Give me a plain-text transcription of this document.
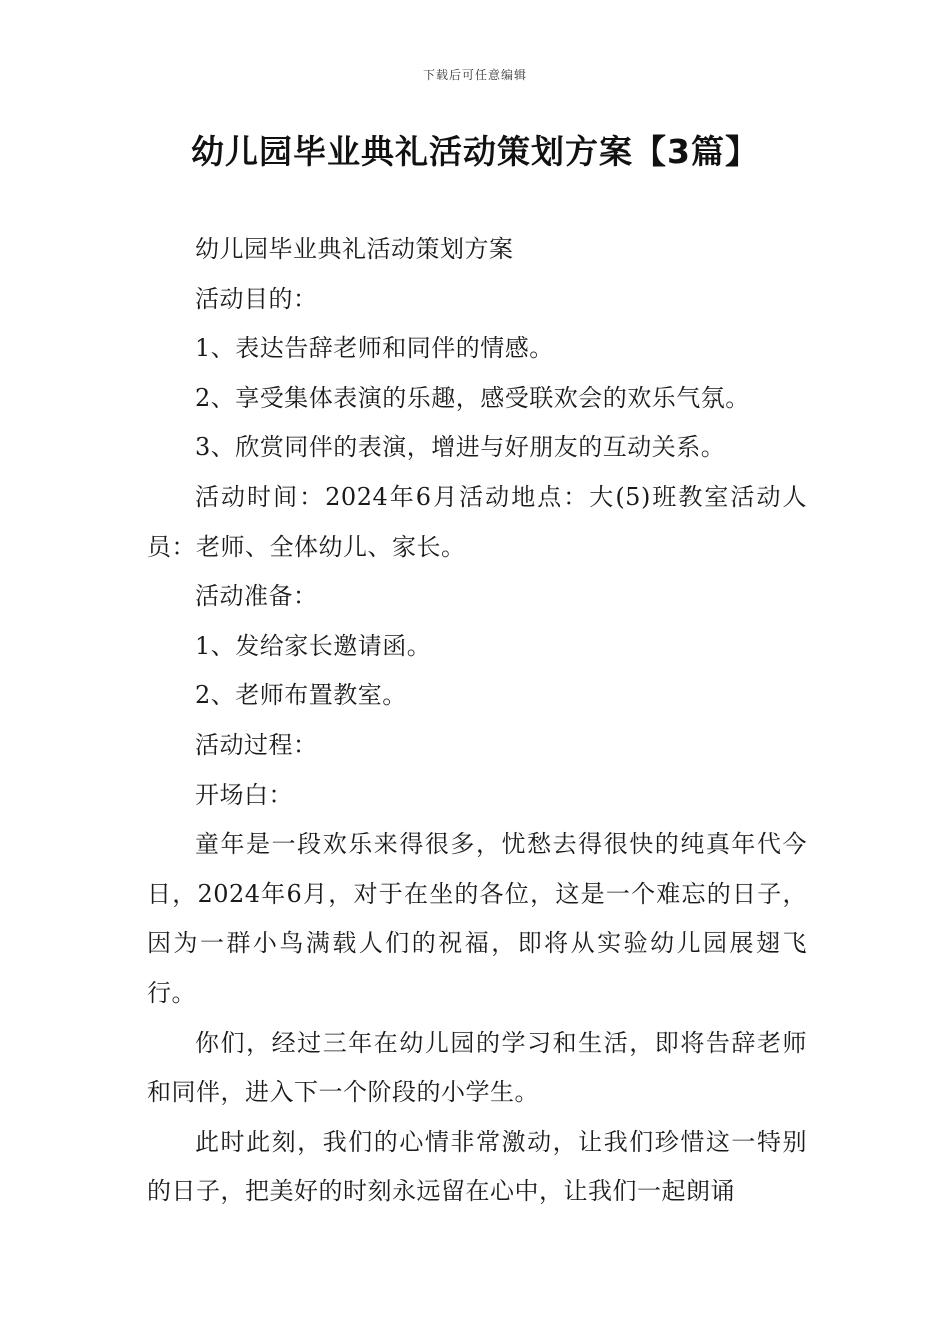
下载后可任意编辑
幼儿园毕业典礼活动策划方案【3篇】

幼儿园毕业典礼活动策划方案

活动目的：

1、表达告辞老师和同伴的情感。

2、享受集体表演的乐趣，感受联欢会的欢乐气氛。

3、欣赏同伴的表演，增进与好朋友的互动关系。

活动时间：2024年6月活动地点：大(5)班教室活动人员：老师、全体幼儿、家长。

活动准备：

1、发给家长邀请函。

2、老师布置教室。

活动过程：

开场白：

童年是一段欢乐来得很多，忧愁去得很快的纯真年代今日，2024年6月，对于在坐的各位，这是一个难忘的日子，因为一群小鸟满载人们的祝福，即将从实验幼儿园展翅飞行。

你们，经过三年在幼儿园的学习和生活，即将告辞老师和同伴，进入下一个阶段的小学生。

此时此刻，我们的心情非常激动，让我们珍惜这一特别的日子，把美好的时刻永远留在心中，让我们一起朗诵
